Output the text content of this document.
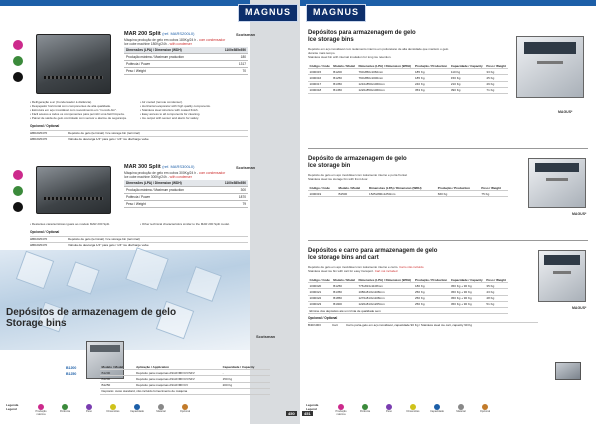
MAGNUS
MAR 200 Split (ref. MARS200L0)	Scotsman
Máquina produção de gelo em cubos 180Kg/24 h - com condensador
Ice cube machine 180Kg/24h - with condenser
Dimensões (LPA) / Dimension (WDH)	1100x585x550
Produção máxima / Maximum production	180
Potência / Power	1317
Peso / Weight	70
• Refrigeração a ar (Condensador à distância).
• Despejador horizontal com componentes de alta qualidade.
• Estrutura em aço inoxidável com revestimento em "no-lock-bin".
• Fácil acesso a todos os componentes para permitir uma fácil limpeza.
• Painel de saída de gelo controlado com sensor e alarme de segurança.
• Air cooled (remote condenser).
• Horizontal evaporator with high quality components.
• Stainless steel structure with coated finish.
• Easy access to all components for cleaning.
• Ice output with sensor and alarm for safety.
Opcional / Optional
HBD20/0470	Depósito de gelo (terminal) / Ice storage bin (terminal)
HBD20/0470	Válvula de descarga 1/4" para gelo / 1/4" ice discharge valve
MAR 300 Split (ref. MARS300L0)	Scotsman
Máquina produção de gelo em cubos 300Kg/24 h - com condensador
Ice cube machine 300Kg/24h - with condenser
Dimensões (LPA) / Dimension (WDH)	1100x585x550
Produção máxima / Maximum production	300
Potência / Power	1870
Peso / Weight	79
• Restantes características iguais ao modelo MAR 200 Split.	• Other technical characteristics similar to the MAR 200 Split model.
Opcional / Optional
HBD20/0470	Depósito de gelo (terminal) / Ice storage bin (terminal)
HBD20/0470	Válvula de descarga 1/4" para gelo / 1/4" ice discharge valve
Depósitos de armazenagem de gelo
Storage bins
Scotsman
B1200
B1250
Modelo / Model	Aplicação / Application	Capacidade / Capacity
B1200	Depósito para maquinas AS/AF/MF/CV/SFV	-
B1200	Depósito para maquinas AS/AF/MF/CV/SFV	150 Kg
B1250	Depósito para maquinas AS/AF/MF/CV	200 Kg
Depósito: custo standard, não incluído fornecimento de máquina		
Legenda
Legend
Produção máxima
Potência	Peso	Dimensões	Capacidade	Material	Opcional	450
MAGNUS
451
Depósitos para armazenagem de gelo
Ice storage bins
Depósito em aço inoxidável com isolamento interno em poliuretano de alta densidade que mantém o gelo durante mais tempo.
Stainless steel bin with internal insulation for long ice retention.
Código / Code	Modelo / Model	Dimensões (LPA) / Dimension (WDH)	Produção / Production	Capacidade / Capacity	Peso / Weight
1000315	B1200	760x850x1060mm	185 Kg	110 Kg	33 Kg
1000316	B1250	760x850x1000mm	185 Kg	150 Kg	45 Kg
1000317	B1350	1210x850x1060mm	240 Kg	210 Kg	49 Kg
1000318	B1450	1220x850x1060mm	353 Kg	390 Kg	71 Kg
MAGUS*
Depósito de armazenagem de gelo
Ice storage bin
Depósito de gelo em aço inoxidável com isolamento interno e porta frontal.
Stainless steel ice storage bin with front door.
Código / Code	Modelo / Model	Dimensões (LPA) / Dimension (WDH)	Produção / Production	Peso / Weight
1000319	B1500	1525x890x1250mm	660 Kg	75 Kg
MAGUS*
Depósitos e carro para armazenagem de gelo
Ice storage bins and cart
Depósito de gelo em aço inoxidável com isolamento interno e carro. Carro não incluído
Stainless steel ice bin with cart for easy transport. Cart not included
Código / Code	Modelo / Model	Dimensões (LPA) / Dimension (WDH)	Produção / Production	Capacidade / Capacity	Peso / Weight
1000320	B1250	776x813x1108mm	180 Kg	450 Kg + 90 Kg	35 Kg
1000321	B1350	1080x813x1108mm	250 Kg	450 Kg + 90 Kg	43 Kg
1000322	B1850	1270x813x1108mm	250 Kg	450 Kg + 90 Kg	48 Kg
1000323	B1900	1220x813x1205mm	250 Kg	450 Kg + 90 Kg	51 Kg
Elimine dos depósitos até um trinta de qualidade sem					
Opcional / Optional
B40/1003	Cart	Carro porta-gelo em aço inoxidável, capacidade 90 Kg / Stainless steel ice cart, capacity 90 Kg
MAGUS*
Legenda
Legend
Produção máxima
Potência	Peso	Dimensões	Capacidade	Material	Opcional
